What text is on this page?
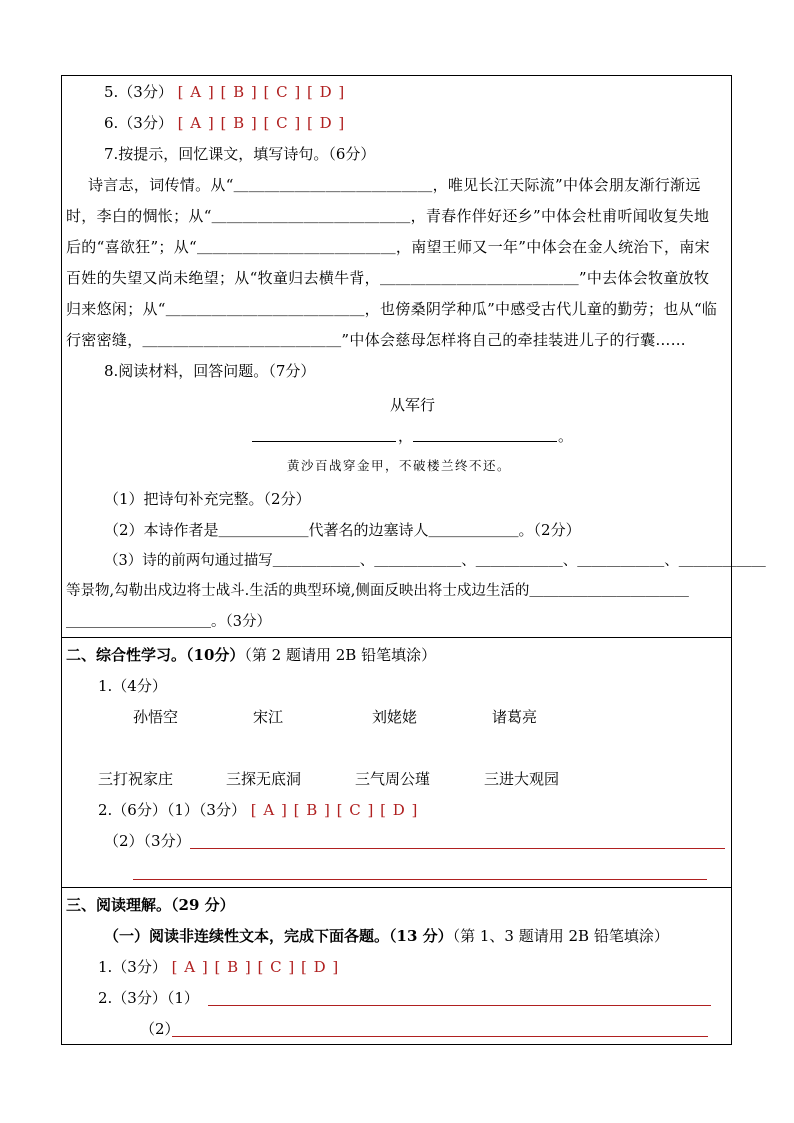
5.（3分） [ A ] [ B ] [ C ] [ D ]
6.（3分） [ A ] [ B ] [ C ] [ D ]
7.按提示，回忆课文，填写诗句。（6分）
诗言志，词传情。从“＿＿＿＿＿＿＿＿＿＿＿＿＿，唯见长江天际流”中体会朋友渐行渐远
时，李白的惆怅；从“＿＿＿＿＿＿＿＿＿＿＿＿＿，青春作伴好还乡”中体会杜甫听闻收复失地
后的“喜欲狂”；从“＿＿＿＿＿＿＿＿＿＿＿＿＿，南望王师又一年”中体会在金人统治下，南宋
百姓的失望又尚未绝望；从“牧童归去横牛背，＿＿＿＿＿＿＿＿＿＿＿＿＿”中去体会牧童放牧
归来悠闲；从“＿＿＿＿＿＿＿＿＿＿＿＿＿，也傍桑阴学种瓜”中感受古代儿童的勤劳；也从“临
行密密缝，＿＿＿＿＿＿＿＿＿＿＿＿＿”中体会慈母怎样将自己的牵挂装进儿子的行囊……
8.阅读材料，回答问题。（7分）
从军行
，	。
黄沙百战穿金甲，不破楼兰终不还。
（1）把诗句补充完整。（2分）
（2）本诗作者是＿＿＿＿＿＿代著名的边塞诗人＿＿＿＿＿＿。（2分）
（3）诗的前两句通过描写＿＿＿＿＿＿、＿＿＿＿＿＿、＿＿＿＿＿＿、＿＿＿＿＿＿、＿＿＿＿＿＿
等景物,勾勒出戍边将士战斗.生活的典型环境,侧面反映出将士戍边生活的＿＿＿＿＿＿＿＿＿＿＿
＿＿＿＿＿＿＿＿＿＿。（3分）
二、综合性学习。（10分）（第 2 题请用 2B 铅笔填涂）
1.（4分）
孙悟空	宋江	刘姥姥	诸葛亮
三打祝家庄	三探无底洞	三气周公瑾	三进大观园
2.（6分）（1）（3分） [ A ] [ B ] [ C ] [ D ]
（2）（3分）
三、阅读理解。（29 分）
（一）阅读非连续性文本，完成下面各题。（13 分）（第 1、3 题请用 2B 铅笔填涂）
1.（3分） [ A ] [ B ] [ C ] [ D ]
2.（3分）（1）
（2）
